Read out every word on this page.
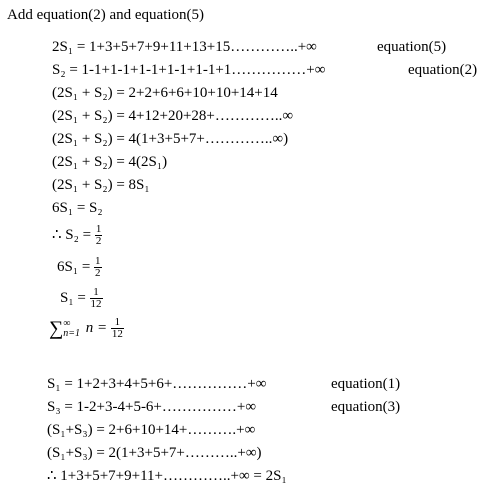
Add equation(2) and equation(5)
2S₁ = 1+3+5+7+9+11+13+15…………..+∞	equation(5)
S₂ = 1-1+1-1+1-1+1-1+1-1+1……………+∞	equation(2)
(2S₁ + S₂) = 2+2+6+6+10+10+14+14
(2S₁ + S₂) = 4+12+20+28+…………..∞
(2S₁ + S₂) = 4(1+3+5+7+…………..∞)
(2S₁ + S₂) = 4(2S₁)
(2S₁ + S₂) = 8S₁
6S₁ = S₂
∴ $S_2 = \frac{1}{2}$
$6S_1 = \frac{1}{2}$
$S_1 = \frac{1}{12}$
∑ ∞
n=1 $n = \frac{1}{12}$
S₁ = 1+2+3+4+5+6+……………+∞	equation(1)
S₃ = 1-2+3-4+5-6+……………+∞	equation(3)
(S₁+S₃) = 2+6+10+14+……….+∞
(S₁+S₃) = 2(1+3+5+7+………..+∞)
∴ 1+3+5+7+9+11+…………..+∞ = 2S₁
